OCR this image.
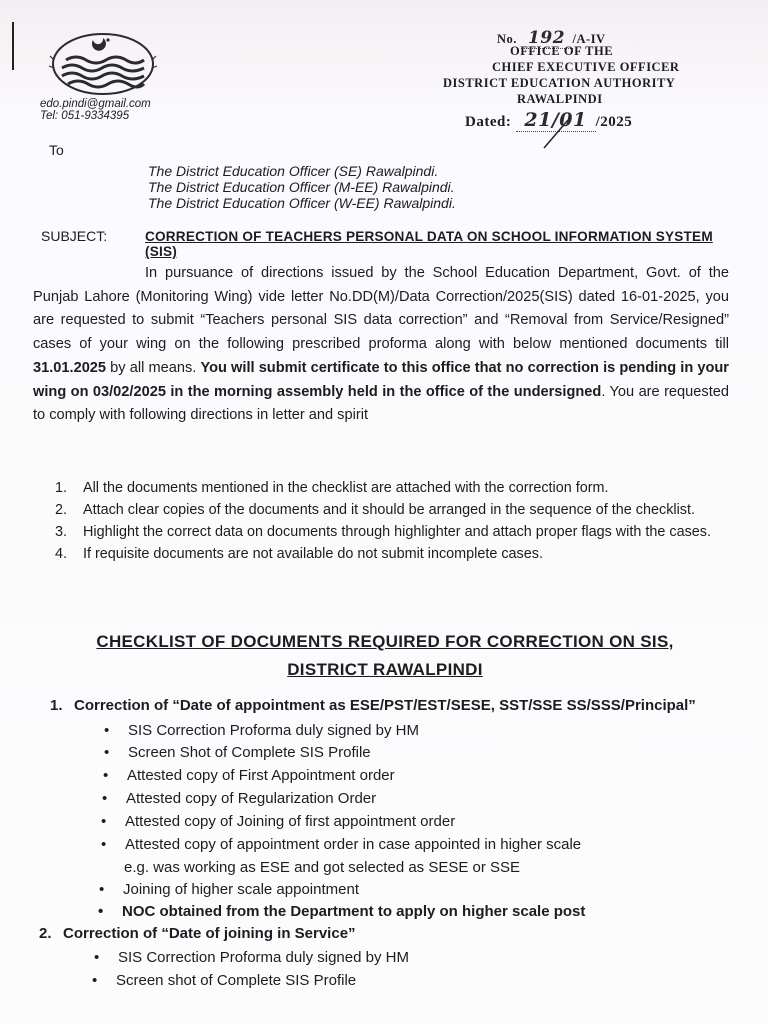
edo.pindi@gmail.com
Tel: 051-9334395
No. 192 /A-IV
OFFICE OF THE
CHIEF EXECUTIVE OFFICER
DISTRICT EDUCATION AUTHORITY
RAWALPINDI
Dated: 21/01 /2025
To
The District Education Officer (SE) Rawalpindi.
The District Education Officer (M-EE) Rawalpindi.
The District Education Officer (W-EE) Rawalpindi.
SUBJECT:	CORRECTION OF TEACHERS PERSONAL DATA ON SCHOOL INFORMATION SYSTEM (SIS)
In pursuance of directions issued by the School Education Department, Govt. of the Punjab Lahore (Monitoring Wing) vide letter No.DD(M)/Data Correction/2025(SIS) dated 16-01-2025, you are requested to submit “Teachers personal SIS data correction” and “Removal from Service/Resigned” cases of your wing on the following prescribed proforma along with below mentioned documents till 31.01.2025 by all means. You will submit certificate to this office that no correction is pending in your wing on 03/02/2025 in the morning assembly held in the office of the undersigned. You are requested to comply with following directions in letter and spirit
1. All the documents mentioned in the checklist are attached with the correction form.
2. Attach clear copies of the documents and it should be arranged in the sequence of the checklist.
3. Highlight the correct data on documents through highlighter and attach proper flags with the cases.
4. If requisite documents are not available do not submit incomplete cases.
CHECKLIST OF DOCUMENTS REQUIRED FOR CORRECTION ON SIS,
DISTRICT RAWALPINDI
1. Correction of “Date of appointment as ESE/PST/EST/SESE, SST/SSE SS/SSS/Principal”
• SIS Correction Proforma duly signed by HM
• Screen Shot of Complete SIS Profile
• Attested copy of First Appointment order
• Attested copy of Regularization Order
• Attested copy of Joining of first appointment order
• Attested copy of appointment order in case appointed in higher scale
e.g. was working as ESE and got selected as SESE or SSE
• Joining of higher scale appointment
• NOC obtained from the Department to apply on higher scale post
2. Correction of “Date of joining in Service”
• SIS Correction Proforma duly signed by HM
• Screen shot of Complete SIS Profile
